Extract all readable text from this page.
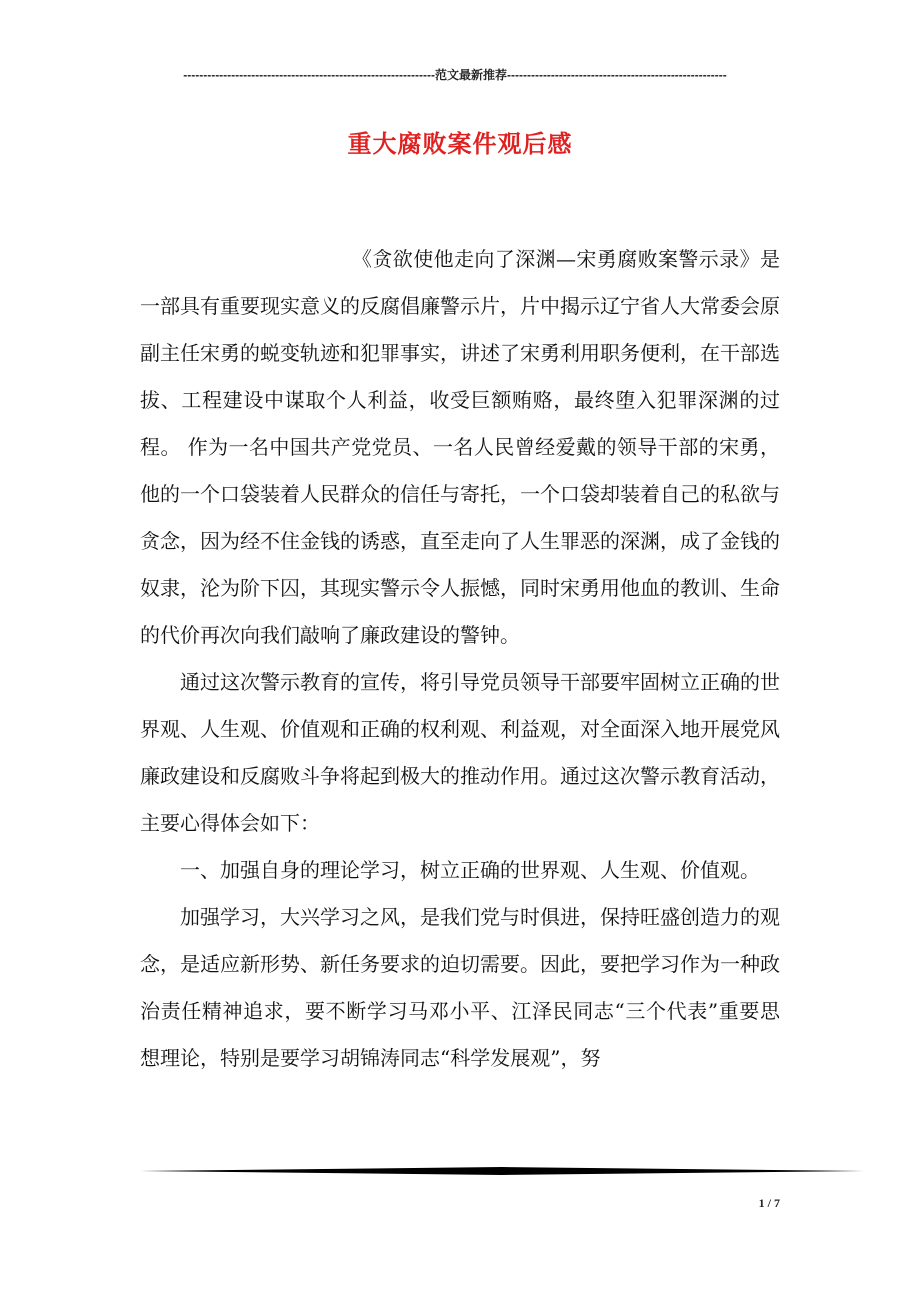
---------------------------------------------------------------范文最新推荐-------------------------------------------------------
重大腐败案件观后感

《贪欲使他走向了深渊—宋勇腐败案警示录》是一部具有重要现实意义的反腐倡廉警示片，片中揭示辽宁省人大常委会原副主任宋勇的蜕变轨迹和犯罪事实，讲述了宋勇利用职务便利，在干部选拔、工程建设中谋取个人利益，收受巨额贿赂，最终堕入犯罪深渊的过程。 作为一名中国共产党党员、一名人民曾经爱戴的领导干部的宋勇，他的一个口袋装着人民群众的信任与寄托，一个口袋却装着自己的私欲与贪念，因为经不住金钱的诱惑，直至走向了人生罪恶的深渊，成了金钱的奴隶，沦为阶下囚，其现实警示令人振憾，同时宋勇用他血的教训、生命的代价再次向我们敲响了廉政建设的警钟。

通过这次警示教育的宣传，将引导党员领导干部要牢固树立正确的世界观、人生观、价值观和正确的权利观、利益观，对全面深入地开展党风廉政建设和反腐败斗争将起到极大的推动作用。通过这次警示教育活动，主要心得体会如下：

一、加强自身的理论学习，树立正确的世界观、人生观、价值观。

加强学习，大兴学习之风，是我们党与时俱进，保持旺盛创造力的观念，是适应新形势、新任务要求的迫切需要。因此，要把学习作为一种政治责任精神追求，要不断学习马邓小平、江泽民同志“三个代表”重要思想理论，特别是要学习胡锦涛同志“科学发展观”，努

1 / 7
